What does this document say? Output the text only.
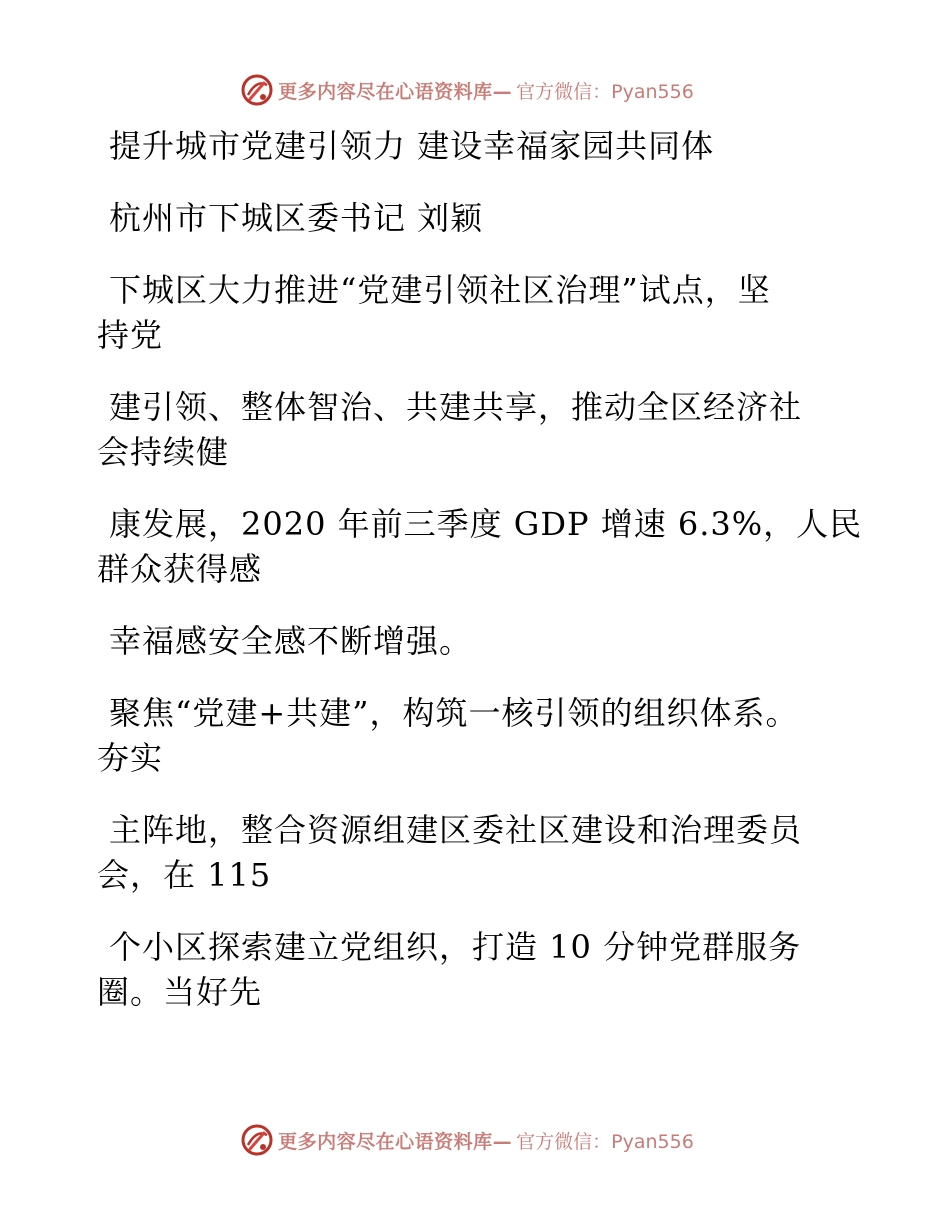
更多内容尽在心语资料库— 官方微信：Pyan556
提升城市党建引领力 建设幸福家园共同体
杭州市下城区委书记 刘颖
下城区大力推进“党建引领社区治理”试点，坚
持党
建引领、整体智治、共建共享，推动全区经济社
会持续健
康发展，2020 年前三季度 GDP 增速 6.3%，人民
群众获得感
幸福感安全感不断增强。
聚焦“党建+共建”，构筑一核引领的组织体系。
夯实
主阵地，整合资源组建区委社区建设和治理委员
会，在 115
个小区探索建立党组织，打造 10 分钟党群服务
圈。当好先
更多内容尽在心语资料库— 官方微信：Pyan556
